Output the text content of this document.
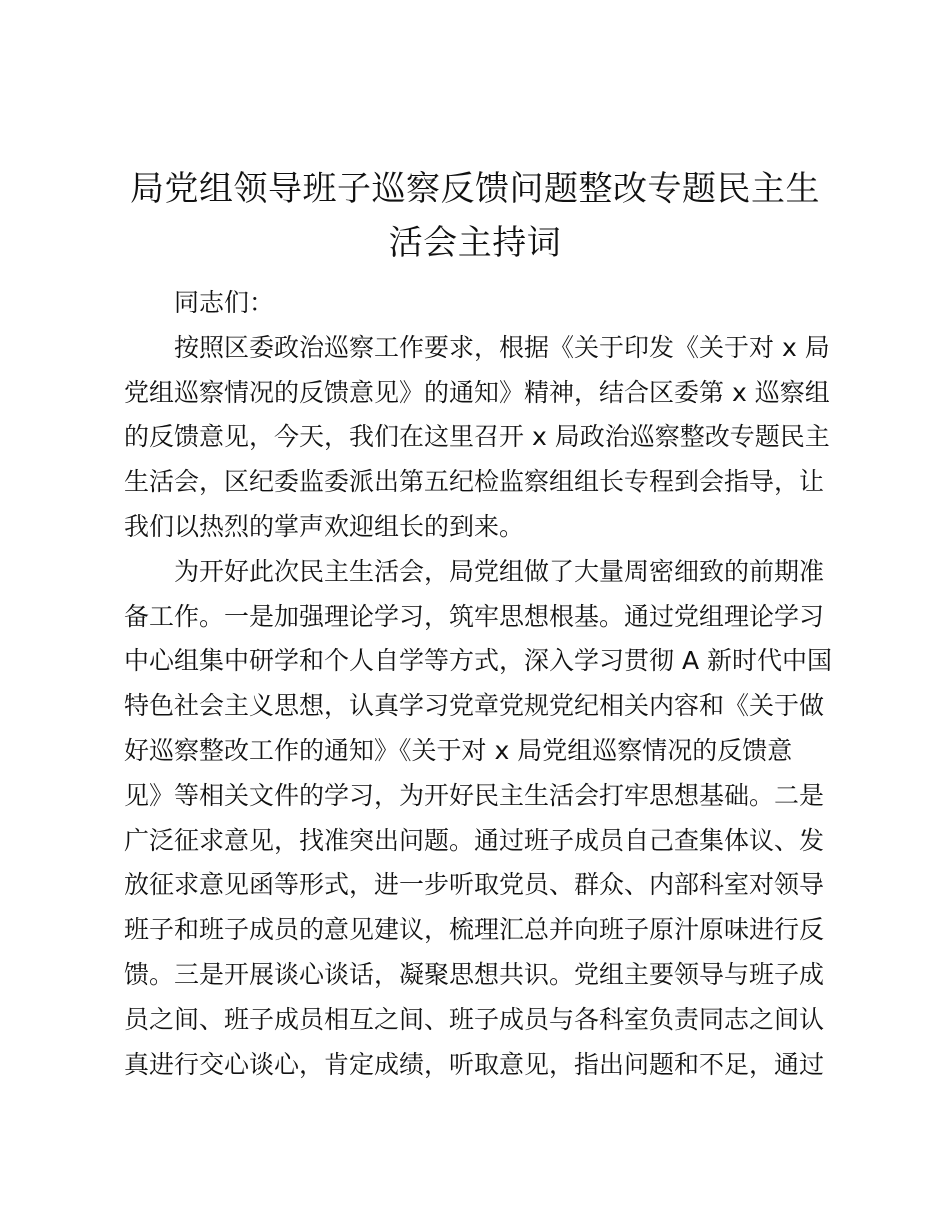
局党组领导班子巡察反馈问题整改专题民主生
活会主持词
同志们：
按照区委政治巡察工作要求，根据《关于印发《关于对 x 局
党组巡察情况的反馈意见》的通知》精神，结合区委第 x 巡察组
的反馈意见，今天，我们在这里召开 x 局政治巡察整改专题民主
生活会，区纪委监委派出第五纪检监察组组长专程到会指导，让
我们以热烈的掌声欢迎组长的到来。
为开好此次民主生活会，局党组做了大量周密细致的前期准
备工作。一是加强理论学习，筑牢思想根基。通过党组理论学习
中心组集中研学和个人自学等方式，深入学习贯彻 A 新时代中国
特色社会主义思想，认真学习党章党规党纪相关内容和《关于做
好巡察整改工作的通知》《关于对 x 局党组巡察情况的反馈意
见》等相关文件的学习，为开好民主生活会打牢思想基础。二是
广泛征求意见，找准突出问题。通过班子成员自己查集体议、发
放征求意见函等形式，进一步听取党员、群众、内部科室对领导
班子和班子成员的意见建议，梳理汇总并向班子原汁原味进行反
馈。三是开展谈心谈话，凝聚思想共识。党组主要领导与班子成
员之间、班子成员相互之间、班子成员与各科室负责同志之间认
真进行交心谈心，肯定成绩，听取意见，指出问题和不足，通过
